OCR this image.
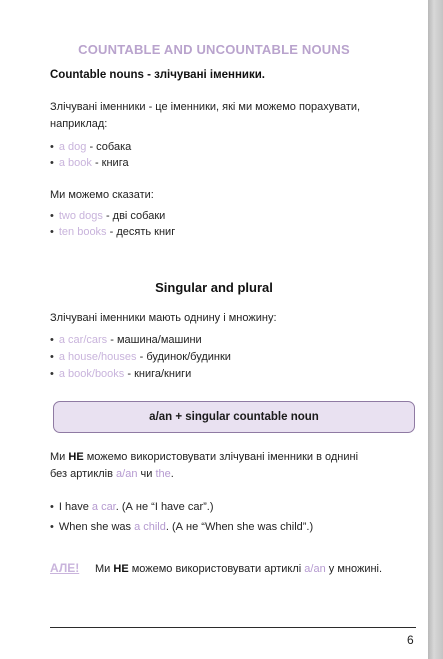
COUNTABLE AND UNCOUNTABLE NOUNS
Countable nouns - злічувані іменники.
Злічувані іменники - це іменники, які ми можемо порахувати,
наприклад:
• a dog - собака
• a book - книга
Ми можемо сказати:
• two dogs - дві собаки
• ten books - десять книг
Singular and plural
Злічувані іменники мають однину і множину:
• a car/cars - машина/машини
• a house/houses - будинок/будинки
• a book/books - книга/книги
a/an + singular countable noun
Ми НЕ можемо використовувати злічувані іменники в однині
без артиклів a/an чи the.
• I have a car. (А не “I have car”.)
• When she was a child. (А не “When she was child”.)
АЛЕ! Ми НЕ можемо використовувати артиклі a/an у множині.
6
